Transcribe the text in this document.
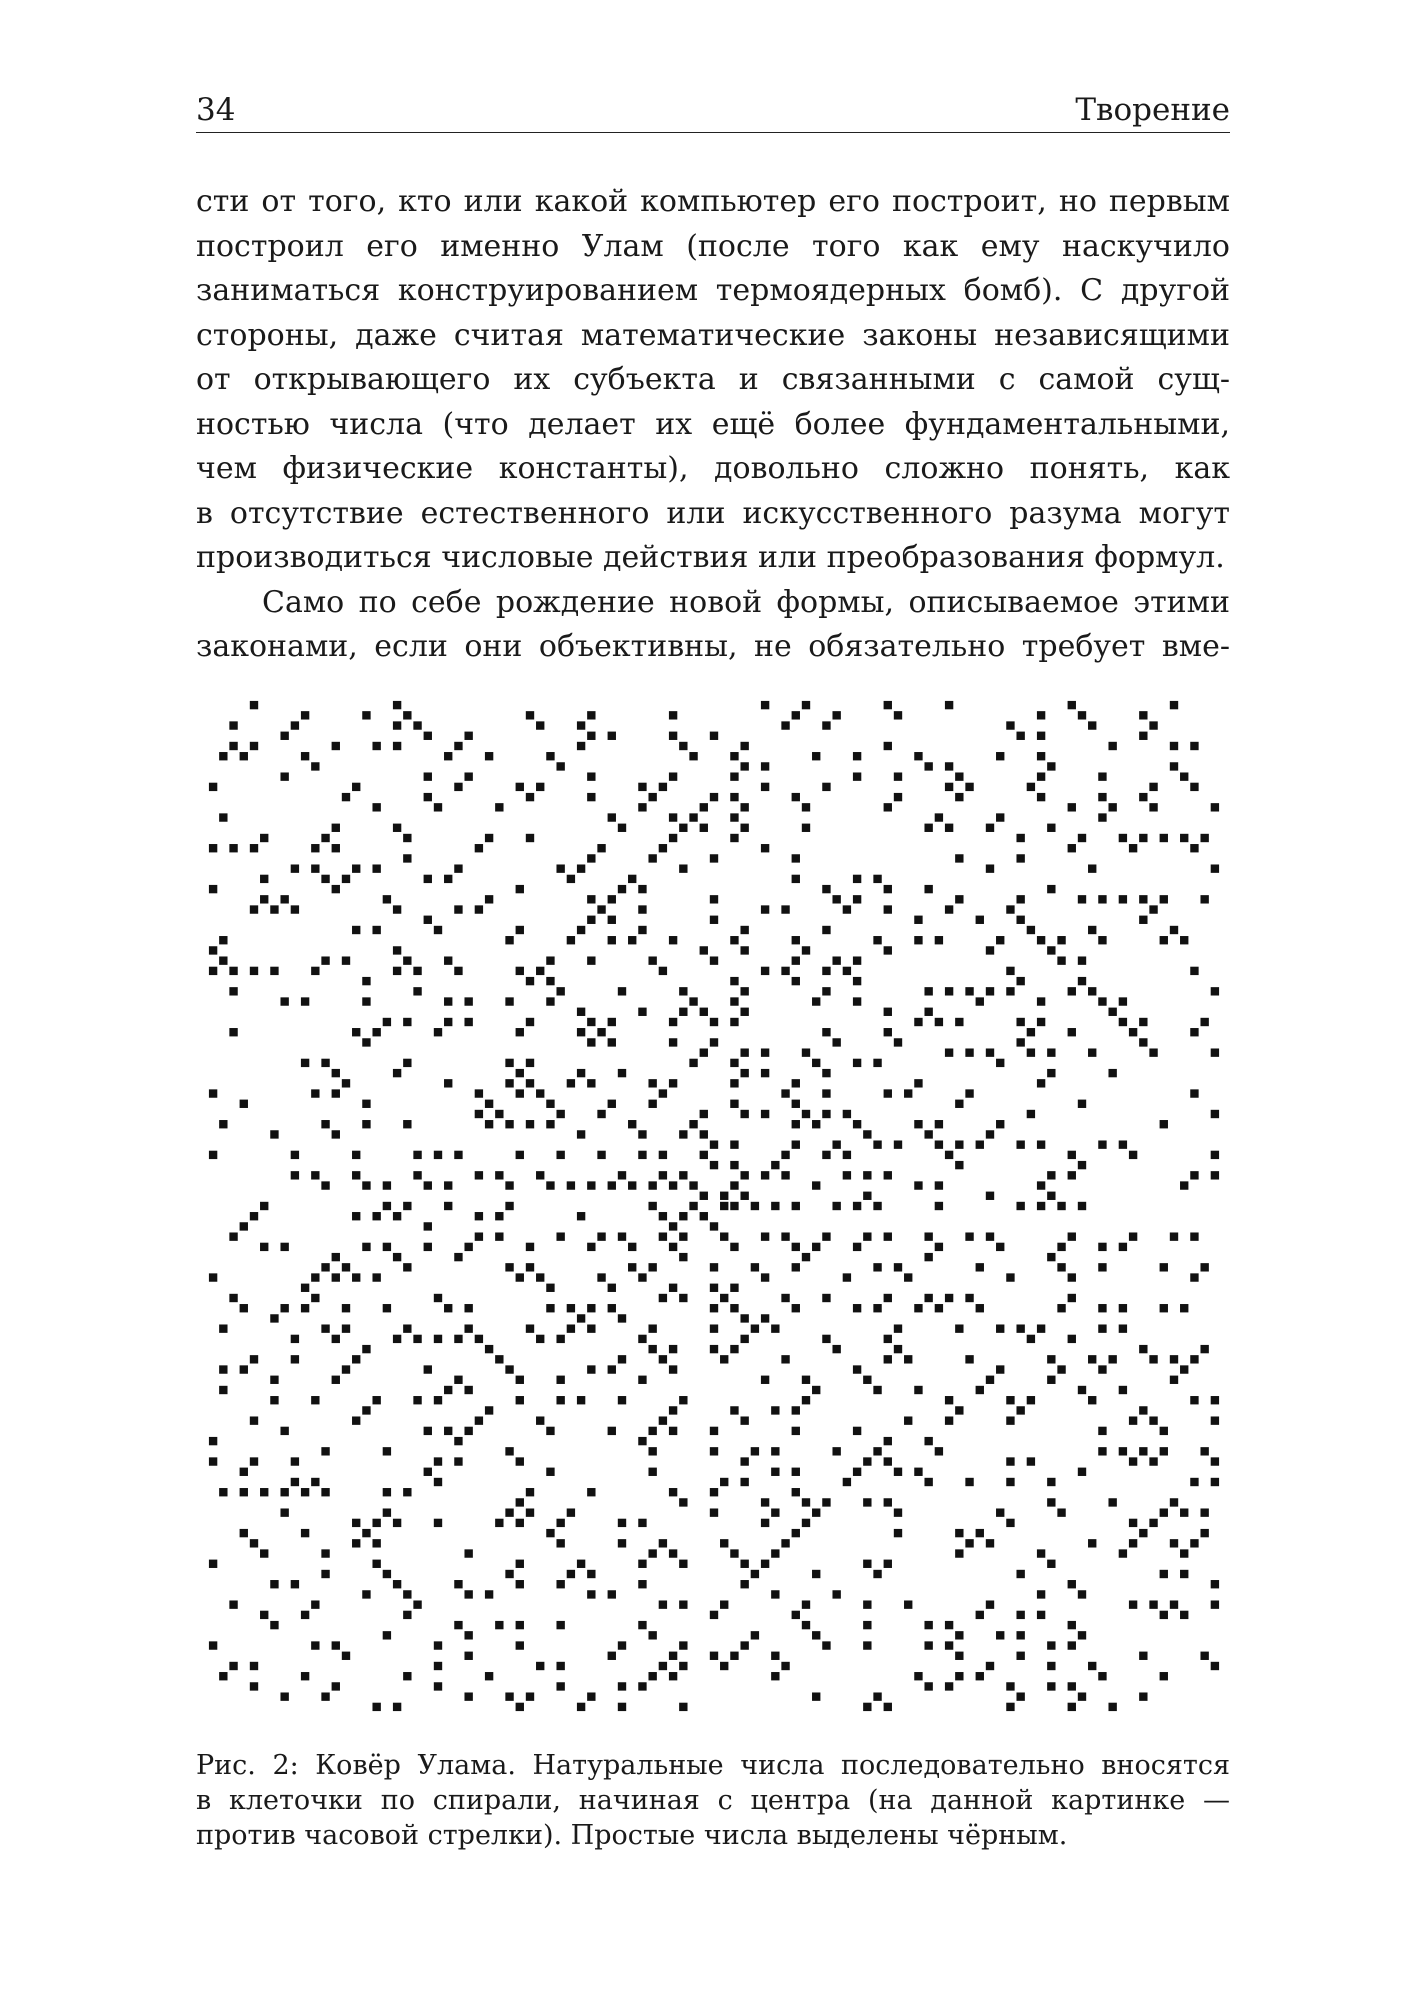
34	Творение
сти от того, кто или какой компьютер его построит, но первым
построил его именно Улам (после того как ему наскучило
заниматься конструированием термоядерных бомб). С другой
стороны, даже считая математические законы независящими
от открывающего их субъекта и связанными с самой сущ-
ностью числа (что делает их ещё более фундаментальными,
чем физические константы), довольно сложно понять, как
в отсутствие естественного или искусственного разума могут
производиться числовые действия или преобразования формул.
Само по себе рождение новой формы, описываемое этими
законами, если они объективны, не обязательно требует вме-
Рис. 2: Ковёр Улама. Натуральные числа последовательно вносятся
в клеточки по спирали, начиная с центра (на данной картинке —
против часовой стрелки). Простые числа выделены чёрным.
